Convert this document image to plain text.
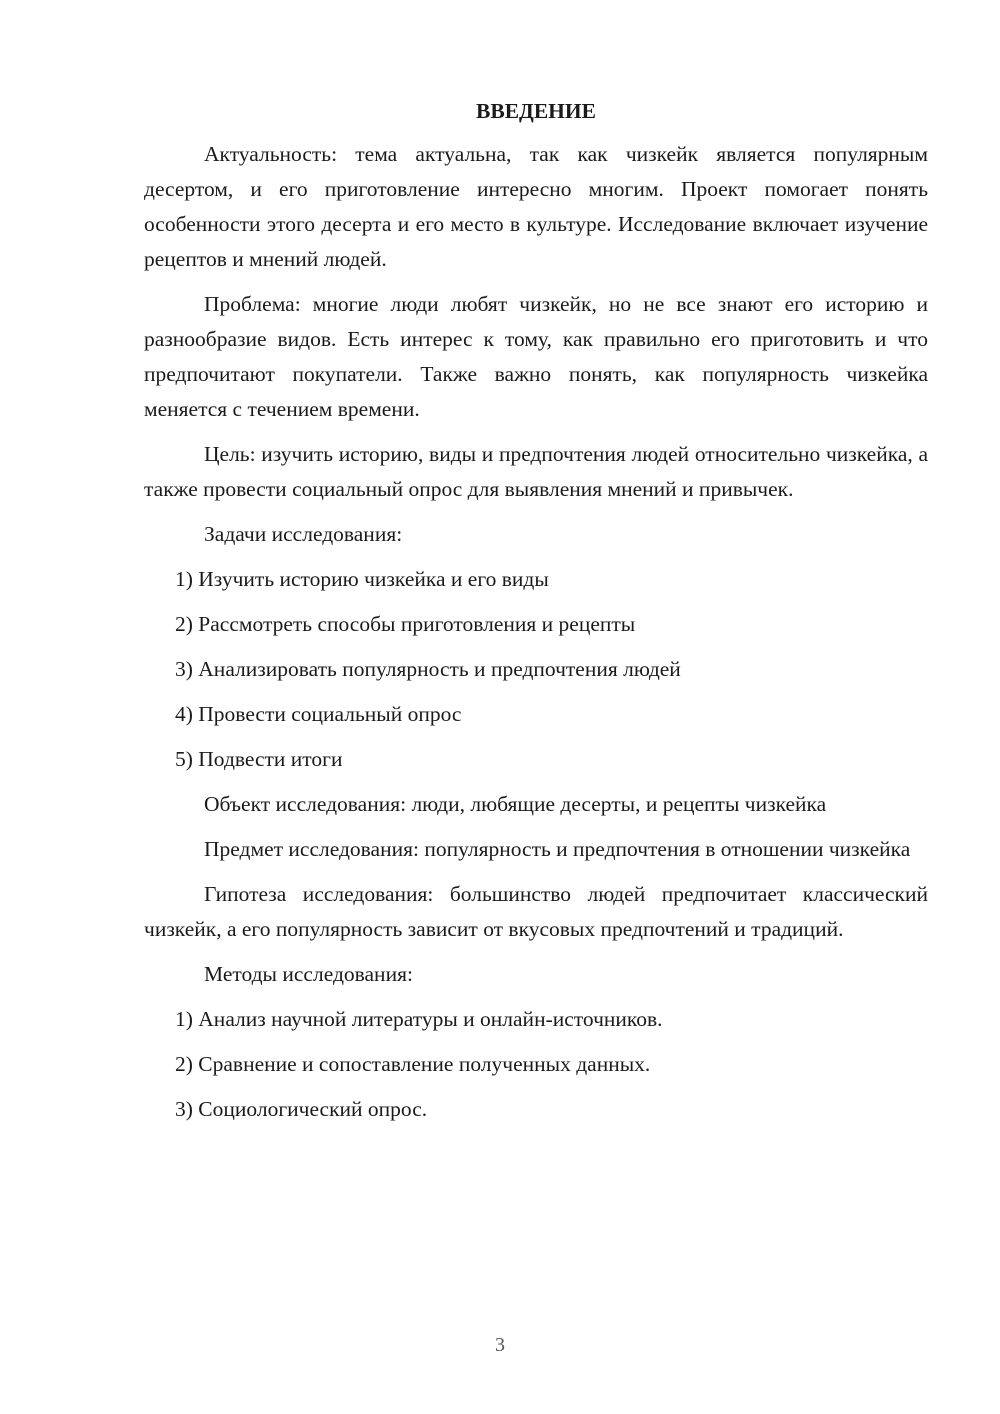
ВВЕДЕНИЕ

Актуальность: тема актуальна, так как чизкейк является популярным десертом, и его приготовление интересно многим. Проект помогает понять особенности этого десерта и его место в культуре. Исследование включает изучение рецептов и мнений людей.

Проблема: многие люди любят чизкейк, но не все знают его историю и разнообразие видов. Есть интерес к тому, как правильно его приготовить и что предпочитают покупатели. Также важно понять, как популярность чизкейка меняется с течением времени.

Цель: изучить историю, виды и предпочтения людей относительно чизкейка, а также провести социальный опрос для выявления мнений и привычек.

Задачи исследования:

1) Изучить историю чизкейка и его виды
2) Рассмотреть способы приготовления и рецепты
3) Анализировать популярность и предпочтения людей
4) Провести социальный опрос
5) Подвести итоги

Объект исследования: люди, любящие десерты, и рецепты чизкейка

Предмет исследования: популярность и предпочтения в отношении чизкейка

Гипотеза исследования: большинство людей предпочитает классический чизкейк, а его популярность зависит от вкусовых предпочтений и традиций.

Методы исследования:

1) Анализ научной литературы и онлайн-источников.
2) Сравнение и сопоставление полученных данных.
3) Социологический опрос.
3
